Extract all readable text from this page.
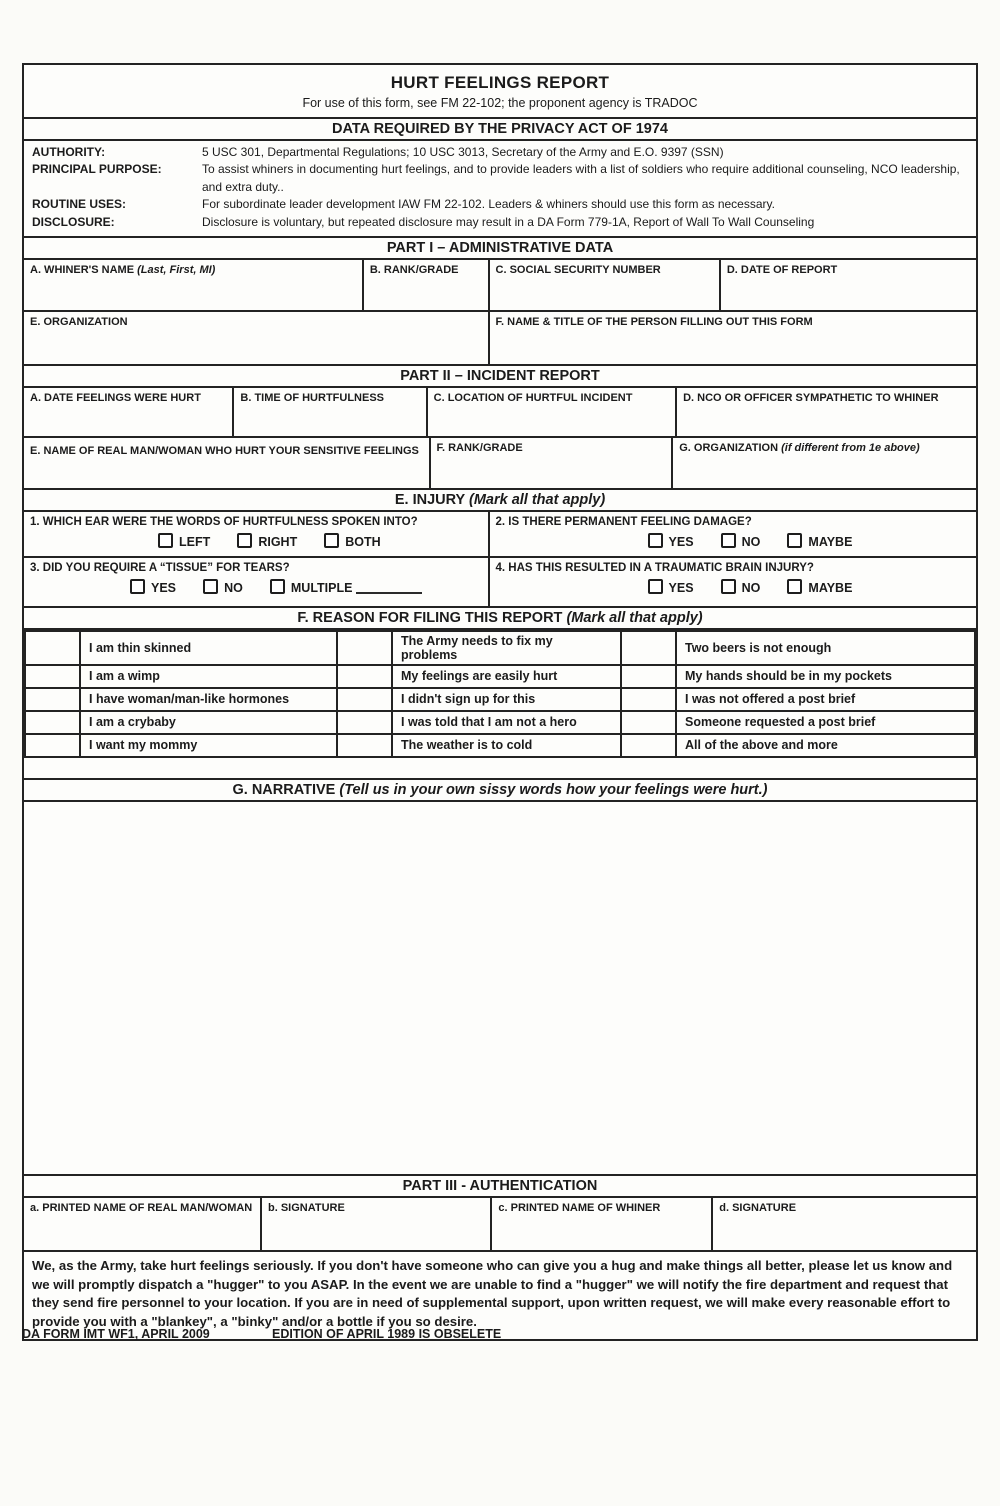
HURT FEELINGS REPORT
For use of this form, see FM 22-102; the proponent agency is TRADOC
DATA REQUIRED BY THE PRIVACY ACT OF 1974
AUTHORITY:	5 USC 301, Departmental Regulations; 10 USC 3013, Secretary of the Army and E.O. 9397 (SSN)
PRINCIPAL PURPOSE:	To assist whiners in documenting hurt feelings, and to provide leaders with a list of soldiers who require additional counseling, NCO leadership, and extra duty..
ROUTINE USES:	For subordinate leader development IAW FM 22-102. Leaders & whiners should use this form as necessary.
DISCLOSURE:	Disclosure is voluntary, but repeated disclosure may result in a DA Form 779-1A, Report of Wall To Wall Counseling
PART I – ADMINISTRATIVE DATA
A. WHINER'S NAME (Last, First, MI)	B. RANK/GRADE	C. SOCIAL SECURITY NUMBER	D. DATE OF REPORT
E. ORGANIZATION	F. NAME & TITLE OF THE PERSON FILLING OUT THIS FORM
PART II – INCIDENT REPORT
A. DATE FEELINGS WERE HURT	B. TIME OF HURTFULNESS	C. LOCATION OF HURTFUL INCIDENT	D. NCO OR OFFICER SYMPATHETIC TO WHINER
E. NAME OF REAL MAN/WOMAN WHO HURT YOUR SENSITIVE FEELINGS	F. RANK/GRADE	G. ORGANIZATION (if different from 1e above)
E. INJURY (Mark all that apply)
1. WHICH EAR WERE THE WORDS OF HURTFULNESS SPOKEN INTO?
LEFT	RIGHT	BOTH
2. IS THERE PERMANENT FEELING DAMAGE?
YES	NO	MAYBE
3. DID YOU REQUIRE A “TISSUE” FOR TEARS?
YES	NO	MULTIPLE
4. HAS THIS RESULTED IN A TRAUMATIC BRAIN INJURY?
YES	NO	MAYBE
F. REASON FOR FILING THIS REPORT (Mark all that apply)
	I am thin skinned		The Army needs to fix my problems		Two beers is not enough
	I am a wimp		My feelings are easily hurt		My hands should be in my pockets
	I have woman/man-like hormones		I didn't sign up for this		I was not offered a post brief
	I am a crybaby		I was told that I am not a hero		Someone requested a post brief
	I want my mommy		The weather is to cold		All of the above and more
G. NARRATIVE (Tell us in your own sissy words how your feelings were hurt.)
PART III - AUTHENTICATION
a. PRINTED NAME OF REAL MAN/WOMAN	b. SIGNATURE	c. PRINTED NAME OF WHINER	d. SIGNATURE
We, as the Army, take hurt feelings seriously. If you don't have someone who can give you a hug and make things all better, please let us know and we will promptly dispatch a "hugger" to you ASAP. In the event we are unable to find a "hugger" we will notify the fire department and request that they send fire personnel to your location. If you are in need of supplemental support, upon written request, we will make every reasonable effort to provide you with a "blankey", a "binky" and/or a bottle if you so desire.
DA FORM IMT WF1, APRIL 2009	EDITION OF APRIL 1989 IS OBSELETE
